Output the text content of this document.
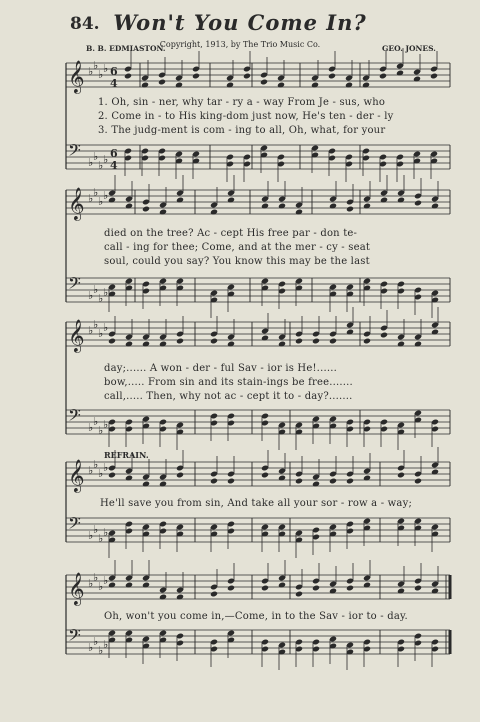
84. Won't You Come In?
Copyright, 1913, by The Trio Music Co.
B. B. EDMIASTON.	GEO. JONES.
𝄞 ♭ ♭
♭ ♭ 6
4
𝄢 ♭ ♭
♭ ♭ 6
4
𝄞 ♭ ♭
♭ ♭
𝄢 ♭ ♭
♭ ♭
𝄞 ♭ ♭
♭ ♭
𝄢 ♭ ♭
♭ ♭
𝄞 ♭ ♭
♭ ♭
𝄢 ♭ ♭
♭ ♭
𝄞 ♭ ♭
♭ ♭
𝄢 ♭ ♭
♭ ♭
1. Oh, sin - ner, why tar - ry a - way From Je - sus, who
2. Come in - to His king-dom just now, He's ten - der - ly
3. The judg-ment is com - ing to all, Oh, what, for your
died on the tree? Ac - cept His free par - don te-
call - ing for thee; Come, and at the mer - cy - seat
soul, could you say? You know this may be the last
day;...... A won - der - ful Sav - ior is He!......
bow,..... From sin and its stain-ings be free.......
call,..... Then, why not ac - cept it to - day?.......
REFRAIN.
He'll save you from sin, And take all your sor - row a - way;
Oh, won't you come in,—Come, in to the Sav - ior to - day.
